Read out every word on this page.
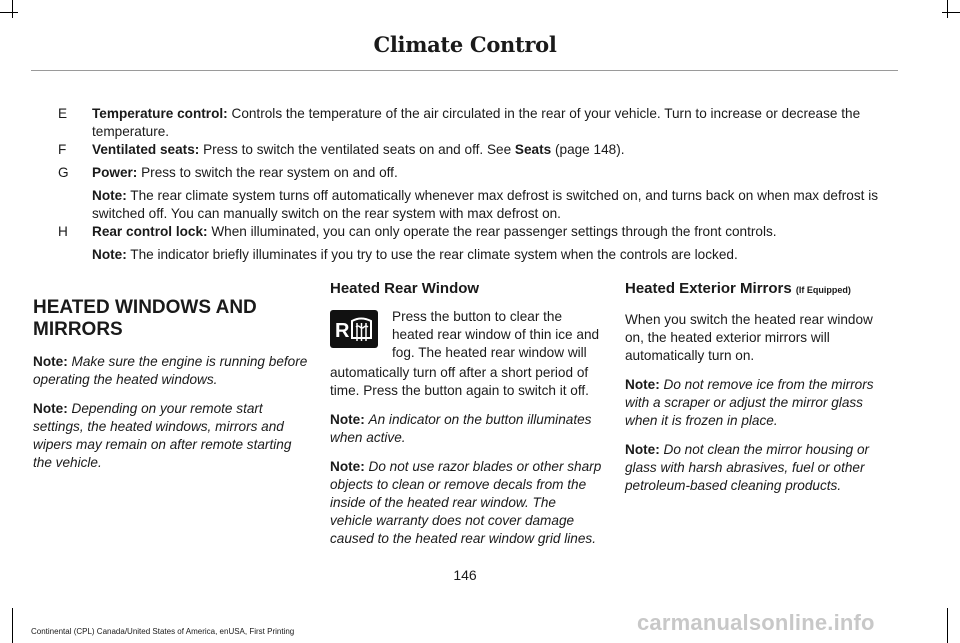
Climate Control
E Temperature control: Controls the temperature of the air circulated in the rear of your vehicle. Turn to increase or decrease the temperature.
F Ventilated seats: Press to switch the ventilated seats on and off. See Seats (page 148).
G Power: Press to switch the rear system on and off.
Note: The rear climate system turns off automatically whenever max defrost is switched on, and turns back on when max defrost is switched off. You can manually switch on the rear system with max defrost on.
H Rear control lock: When illuminated, you can only operate the rear passenger settings through the front controls.
Note: The indicator briefly illuminates if you try to use the rear climate system when the controls are locked.
HEATED WINDOWS AND MIRRORS

Note: Make sure the engine is running before operating the heated windows.

Note: Depending on your remote start settings, the heated windows, mirrors and wipers may remain on after remote starting the vehicle.

Heated Rear Window
R
Press the button to clear the heated rear window of thin ice and fog. The heated rear window will

automatically turn off after a short period of time. Press the button again to switch it off.

Note: An indicator on the button illuminates when active.

Note: Do not use razor blades or other sharp objects to clean or remove decals from the inside of the heated rear window. The vehicle warranty does not cover damage caused to the heated rear window grid lines.

Heated Exterior Mirrors (If Equipped)

When you switch the heated rear window on, the heated exterior mirrors will automatically turn on.

Note: Do not remove ice from the mirrors with a scraper or adjust the mirror glass when it is frozen in place.

Note: Do not clean the mirror housing or glass with harsh abrasives, fuel or other petroleum-based cleaning products.

146
Continental (CPL) Canada/United States of America, enUSA, First Printing	carmanualsonline.info
